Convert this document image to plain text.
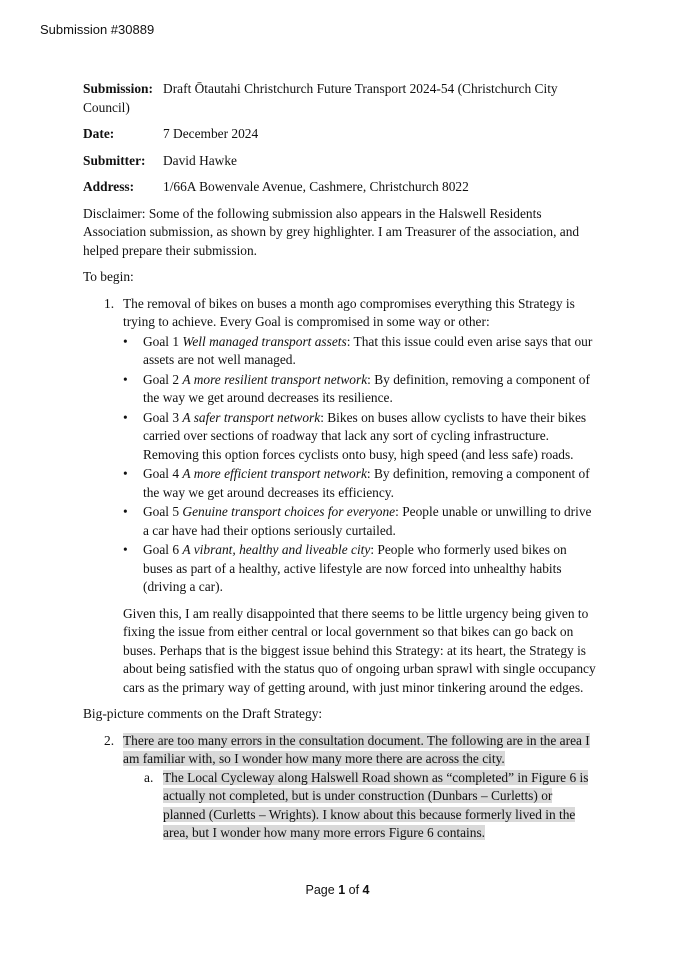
Submission #30889
Submission: Draft Ōtautahi Christchurch Future Transport 2024-54 (Christchurch City Council)
Date:	7 December 2024
Submitter:	David Hawke
Address:	1/66A Bowenvale Avenue, Cashmere, Christchurch 8022

Disclaimer: Some of the following submission also appears in the Halswell Residents Association submission, as shown by grey highlighter. I am Treasurer of the association, and helped prepare their submission.

To begin:

1. The removal of bikes on buses a month ago compromises everything this Strategy is trying to achieve. Every Goal is compromised in some way or other:
• Goal 1 Well managed transport assets: That this issue could even arise says that our assets are not well managed.
• Goal 2 A more resilient transport network: By definition, removing a component of the way we get around decreases its resilience.
• Goal 3 A safer transport network: Bikes on buses allow cyclists to have their bikes carried over sections of roadway that lack any sort of cycling infrastructure. Removing this option forces cyclists onto busy, high speed (and less safe) roads.
• Goal 4 A more efficient transport network: By definition, removing a component of the way we get around decreases its efficiency.
• Goal 5 Genuine transport choices for everyone: People unable or unwilling to drive a car have had their options seriously curtailed.
• Goal 6 A vibrant, healthy and liveable city: People who formerly used bikes on buses as part of a healthy, active lifestyle are now forced into unhealthy habits (driving a car).
Given this, I am really disappointed that there seems to be little urgency being given to fixing the issue from either central or local government so that bikes can go back on buses. Perhaps that is the biggest issue behind this Strategy: at its heart, the Strategy is about being satisfied with the status quo of ongoing urban sprawl with single occupancy cars as the primary way of getting around, with just minor tinkering around the edges.

Big-picture comments on the Draft Strategy:

2. There are too many errors in the consultation document. The following are in the area I am familiar with, so I wonder how many more there are across the city.
a. The Local Cycleway along Halswell Road shown as “completed” in Figure 6 is actually not completed, but is under construction (Dunbars – Curletts) or planned (Curletts – Wrights). I know about this because formerly lived in the area, but I wonder how many more errors Figure 6 contains.
Page 1 of 4
